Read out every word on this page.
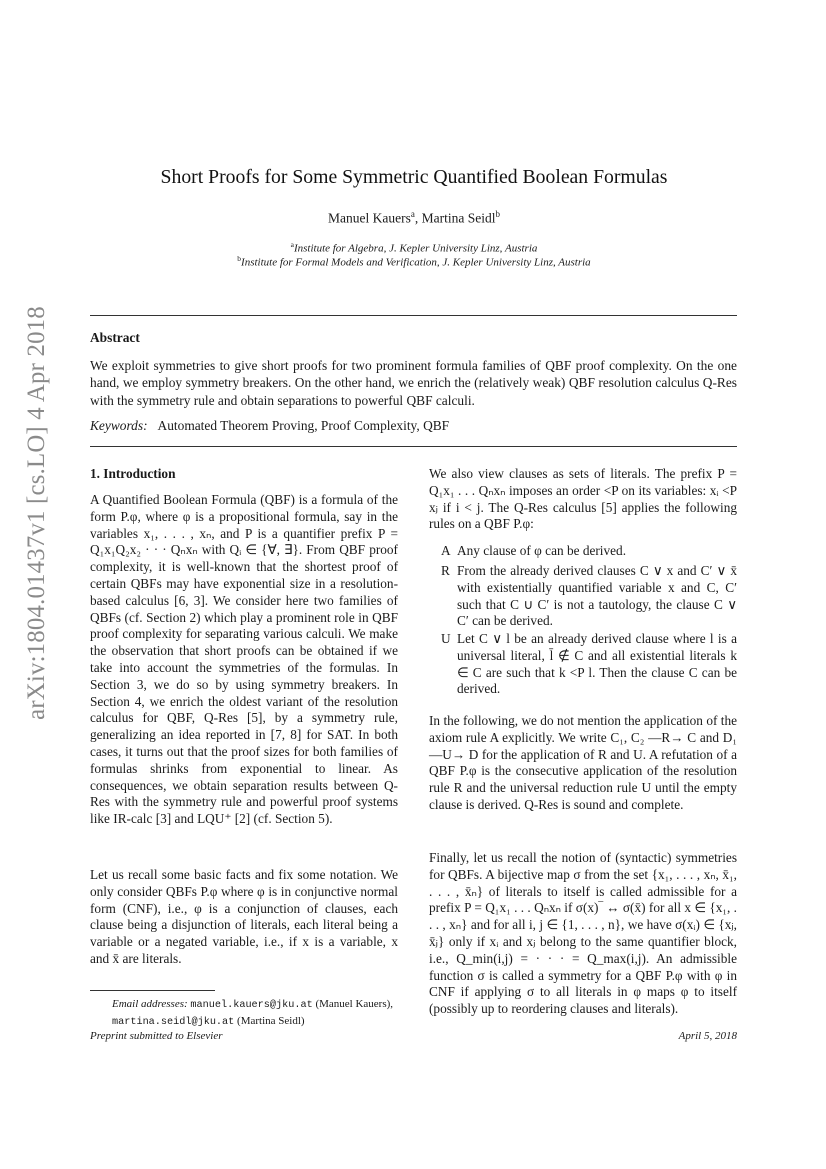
arXiv:1804.01437v1 [cs.LO] 4 Apr 2018
Short Proofs for Some Symmetric Quantified Boolean Formulas
Manuel Kauers$^a$, Martina Seidl$^b$
$^a$Institute for Algebra, J. Kepler University Linz, Austria
$^b$Institute for Formal Models and Verification, J. Kepler University Linz, Austria
Abstract
We exploit symmetries to give short proofs for two prominent formula families of QBF proof complexity. On the one hand, we employ symmetry breakers. On the other hand, we enrich the (relatively weak) QBF resolution calculus Q-Res with the symmetry rule and obtain separations to powerful QBF calculi.
Keywords: Automated Theorem Proving, Proof Complexity, QBF
1. Introduction

A Quantified Boolean Formula (QBF) is a formula of the form P.φ, where φ is a propositional formula, say in the variables x₁, . . . , xₙ, and P is a quantifier prefix P = Q₁x₁Q₂x₂ · · · Qₙxₙ with Qᵢ ∈ {∀, ∃}. From QBF proof complexity, it is well-known that the shortest proof of certain QBFs may have exponential size in a resolution-based calculus [6, 3]. We consider here two families of QBFs (cf. Section 2) which play a prominent role in QBF proof complexity for separating various calculi. We make the observation that short proofs can be obtained if we take into account the symmetries of the formulas. In Section 3, we do so by using symmetry breakers. In Section 4, we enrich the oldest variant of the resolution calculus for QBF, Q-Res [5], by a symmetry rule, generalizing an idea reported in [7, 8] for SAT. In both cases, it turns out that the proof sizes for both families of formulas shrinks from exponential to linear. As consequences, we obtain separation results between Q-Res with the symmetry rule and powerful proof systems like IR-calc [3] and LQU⁺ [2] (cf. Section 5).

Let us recall some basic facts and fix some notation. We only consider QBFs P.φ where φ is in conjunctive normal form (CNF), i.e., φ is a conjunction of clauses, each clause being a disjunction of literals, each literal being a variable or a negated variable, i.e., if x is a variable, x and x̄ are literals.

We also view clauses as sets of literals. The prefix P = Q₁x₁ . . . Qₙxₙ imposes an order <P on its variables: xᵢ <P xⱼ if i < j. The Q-Res calculus [5] applies the following rules on a QBF P.φ:

A Any clause of φ can be derived.
R From the already derived clauses C ∨ x and C′ ∨ x̄ with existentially quantified variable x and C, C′ such that C ∪ C′ is not a tautology, the clause C ∨ C′ can be derived.
U Let C ∨ l be an already derived clause where l is a universal literal, l̄ ∉ C and all existential literals k ∈ C are such that k <P l. Then the clause C can be derived.

In the following, we do not mention the application of the axiom rule A explicitly. We write C₁, C₂ —R→ C and D₁ —U→ D for the application of R and U. A refutation of a QBF P.φ is the consecutive application of the resolution rule R and the universal reduction rule U until the empty clause is derived. Q-Res is sound and complete.

Finally, let us recall the notion of (syntactic) symmetries for QBFs. A bijective map σ from the set {x₁, . . . , xₙ, x̄₁, . . . , x̄ₙ} of literals to itself is called admissible for a prefix P = Q₁x₁ . . . Qₙxₙ if σ(x)‾ ↔ σ(x̄) for all x ∈ {x₁, . . . , xₙ} and for all i, j ∈ {1, . . . , n}, we have σ(xᵢ) ∈ {xⱼ, x̄ⱼ} only if xᵢ and xⱼ belong to the same quantifier block, i.e., Q_min(i,j) = · · · = Q_max(i,j). An admissible function σ is called a symmetry for a QBF P.φ with φ in CNF if applying σ to all literals in φ maps φ to itself (possibly up to reordering clauses and literals).

Email addresses: manuel.kauers@jku.at (Manuel Kauers), martina.seidl@jku.at (Martina Seidl)
Preprint submitted to Elsevier	April 5, 2018
